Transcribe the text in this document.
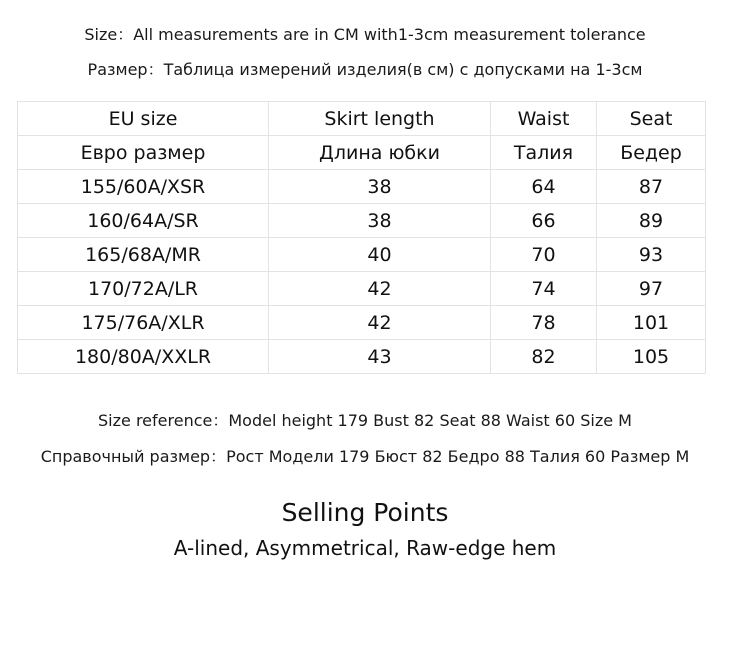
Size：All measurements are in CM with1-3cm measurement tolerance
Размер：Таблица измерений изделия(в см) с допусками на 1-3см
EU size	Skirt length	Waist	Seat
Евро размер	Длина юбки	Талия	Бедер
155/60A/XSR	38	64	87
160/64A/SR	38	66	89
165/68A/MR	40	70	93
170/72A/LR	42	74	97
175/76A/XLR	42	78	101
180/80A/XXLR	43	82	105
Size reference：Model height 179 Bust 82 Seat 88 Waist 60 Size M
Справочный размер：Рост Модели 179 Бюст 82 Бедро 88 Талия 60 Размер M
Selling Points
A-lined, Asymmetrical, Raw-edge hem
